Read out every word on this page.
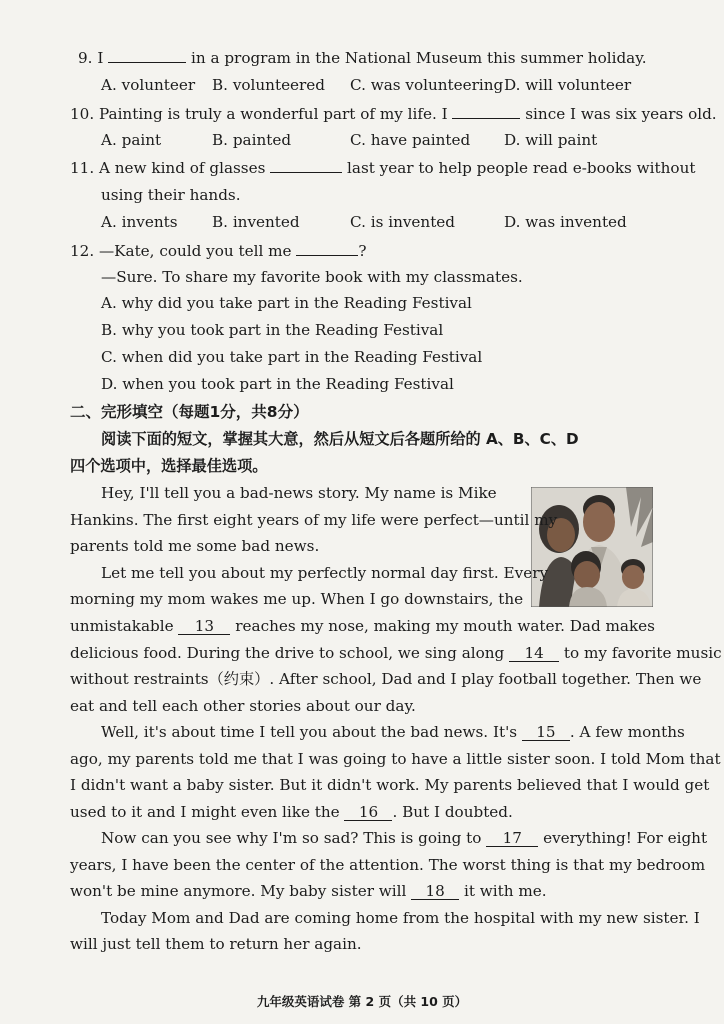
9. I	in a program in the National Museum this summer holiday.
A. volunteer B. volunteered C. was volunteering D. will volunteer
10. Painting is truly a wonderful part of my life. I	since I was six years old.
A. paint	B. painted	C. have painted D. will paint
11. A new kind of glasses	last year to help people read e-books without
using their hands.
A. invents B. invented	C. is invented	D. was invented
12. —Kate, could you tell me	?
—Sure. To share my favorite book with my classmates.
A. why did you take part in the Reading Festival
B. why you took part in the Reading Festival
C. when did you take part in the Reading Festival
D. when you took part in the Reading Festival
二、完形填空（每题1分，共8分）
阅读下面的短文，掌握其大意，然后从短文后各题所给的 A、B、C、D
四个选项中，选择最佳选项。
Hey, I'll tell you a bad-news story. My name is Mike
Hankins. The first eight years of my life were perfect—until my
parents told me some bad news.
Let me tell you about my perfectly normal day first. Every
morning my mom wakes me up. When I go downstairs, the
unmistakable 13 reaches my nose, making my mouth water. Dad makes
delicious food. During the drive to school, we sing along 14 to my favorite music
without restraints（约束）. After school, Dad and I play football together. Then we
eat and tell each other stories about our day.
Well, it's about time I tell you about the bad news. It's 15 . A few months
ago, my parents told me that I was going to have a little sister soon. I told Mom that
I didn't want a baby sister. But it didn't work. My parents believed that I would get
used to it and I might even like the 16 . But I doubted.
Now can you see why I'm so sad? This is going to 17 everything! For eight
years, I have been the center of the attention. The worst thing is that my bedroom
won't be mine anymore. My baby sister will 18 it with me.
Today Mom and Dad are coming home from the hospital with my new sister. I
will just tell them to return her again.
九年级英语试卷 第 2 页（共 10 页）
